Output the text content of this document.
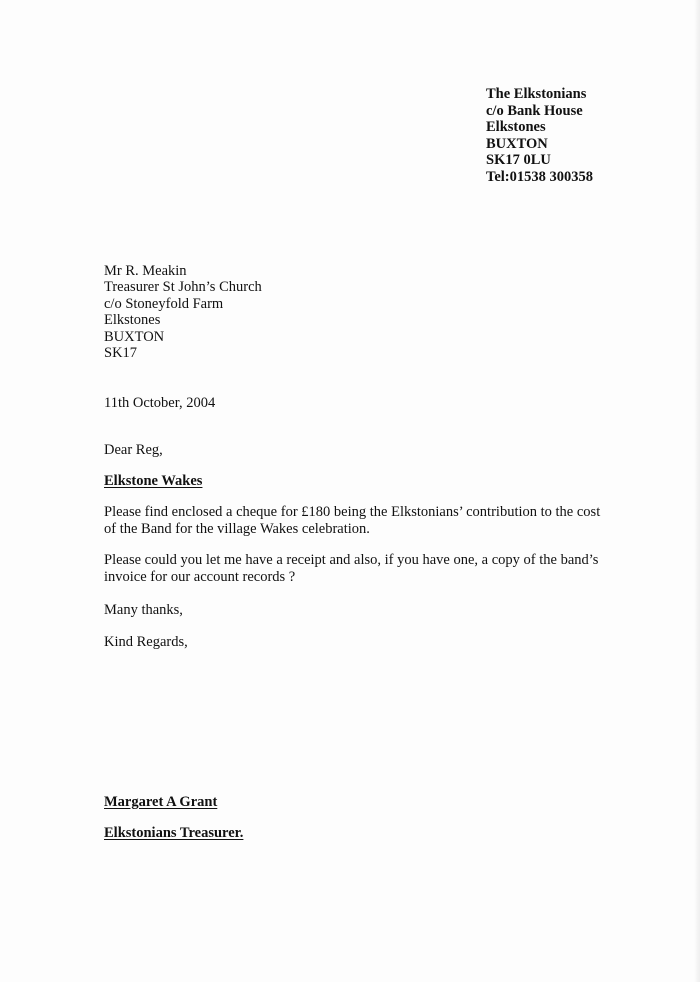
The Elkstonians
c/o Bank House
Elkstones
BUXTON
SK17 0LU
Tel:01538 300358
Mr R. Meakin
Treasurer St John’s Church
c/o Stoneyfold Farm
Elkstones
BUXTON
SK17
11th October, 2004
Dear Reg,
Elkstone Wakes
Please find enclosed a cheque for £180 being the Elkstonians’ contribution to the cost
of the Band for the village Wakes celebration.
Please could you let me have a receipt and also, if you have one, a copy of the band’s
invoice for our account records ?
Many thanks,
Kind Regards,
Margaret A Grant
Elkstonians Treasurer.
